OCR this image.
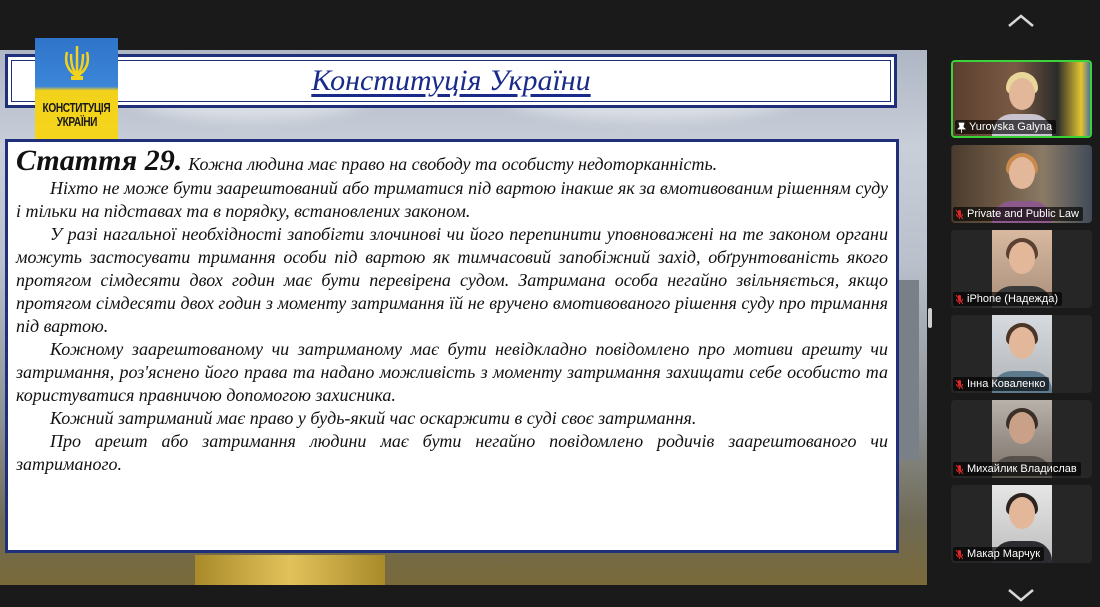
Конституція України
КОНСТИТУЦІЯ
УКРАЇНИ
Стаття 29. Кожна людина має право на свободу та особисту недоторканність.

Ніхто не може бути заарештований або триматися під вартою інакше як за вмотивованим рішенням суду і тільки на підставах та в порядку, встановлених законом.

У разі нагальної необхідності запобігти злочинові чи його перепинити уповноважені на те законом органи можуть застосувати тримання особи під вартою як тимчасовий запобіжний захід, обґрунтованість якого протягом сімдесяти двох годин має бути перевірена судом. Затримана особа негайно звільняється, якщо протягом сімдесяти двох годин з моменту затримання їй не вручено вмотивованого рішення суду про тримання під вартою.

Кожному заарештованому чи затриманому має бути невідкладно повідомлено про мотиви арешту чи затримання, роз'яснено його права та надано можливість з моменту затримання захищати себе особисто та користуватися правничою допомогою захисника.

Кожний затриманий має право у будь-який час оскаржити в суді своє затримання.

Про арешт або затримання людини має бути негайно повідомлено родичів заарештованого чи затриманого.

Yurovska Galyna
Private and Public Law
iPhone (Надежда)
Інна Коваленко
Михайлик Владислав
Макар Марчук
